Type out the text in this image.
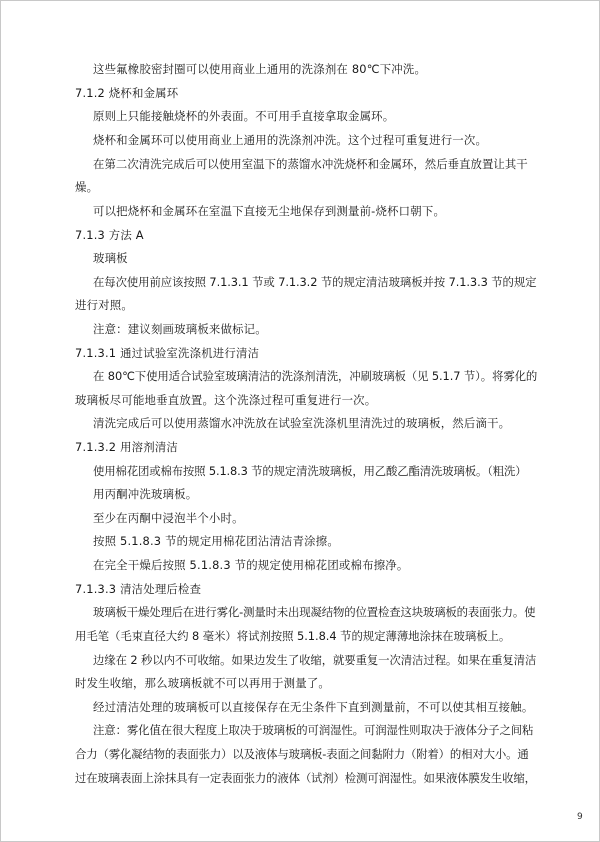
这些氟橡胶密封圈可以使用商业上通用的洗涤剂在 80℃下冲洗。
7.1.2 烧杯和金属环
原则上只能接触烧杯的外表面。不可用手直接拿取金属环。
烧杯和金属环可以使用商业上通用的洗涤剂冲洗。这个过程可重复进行一次。
在第二次清洗完成后可以使用室温下的蒸馏水冲洗烧杯和金属环，然后垂直放置让其干
燥。
可以把烧杯和金属环在室温下直接无尘地保存到测量前-烧杯口朝下。
7.1.3 方法 A
玻璃板
在每次使用前应该按照 7.1.3.1 节或 7.1.3.2 节的规定清洁玻璃板并按 7.1.3.3 节的规定
进行对照。
注意：建议刻画玻璃板来做标记。
7.1.3.1 通过试验室洗涤机进行清洁
在 80℃下使用适合试验室玻璃清洁的洗涤剂清洗，冲刷玻璃板（见 5.1.7 节）。将雾化的
玻璃板尽可能地垂直放置。这个洗涤过程可重复进行一次。
清洗完成后可以使用蒸馏水冲洗放在试验室洗涤机里清洗过的玻璃板，然后滴干。
7.1.3.2 用溶剂清洁
使用棉花团或棉布按照 5.1.8.3 节的规定清洗玻璃板，用乙酸乙酯清洗玻璃板。（粗洗）
用丙酮冲洗玻璃板。
至少在丙酮中浸泡半个小时。
按照 5.1.8.3 节的规定用棉花团沾清洁青涂擦。
在完全干燥后按照 5.1.8.3 节的规定使用棉花团或棉布擦净。
7.1.3.3 清洁处理后检查
玻璃板干燥处理后在进行雾化-测量时未出现凝结物的位置检查这块玻璃板的表面张力。使
用毛笔（毛束直径大约 8 毫米）将试剂按照 5.1.8.4 节的规定薄薄地涂抹在玻璃板上。
边缘在 2 秒以内不可收缩。如果边发生了收缩，就要重复一次清洁过程。如果在重复清洁
时发生收缩，那么玻璃板就不可以再用于测量了。
经过清洁处理的玻璃板可以直接保存在无尘条件下直到测量前，不可以使其相互接触。
注意：雾化值在很大程度上取决于玻璃板的可润湿性。可润湿性则取决于液体分子之间粘
合力（雾化凝结物的表面张力）以及液体与玻璃板-表面之间黏附力（附着）的相对大小。通
过在玻璃表面上涂抹具有一定表面张力的液体（试剂）检测可润湿性。如果液体膜发生收缩，
9
